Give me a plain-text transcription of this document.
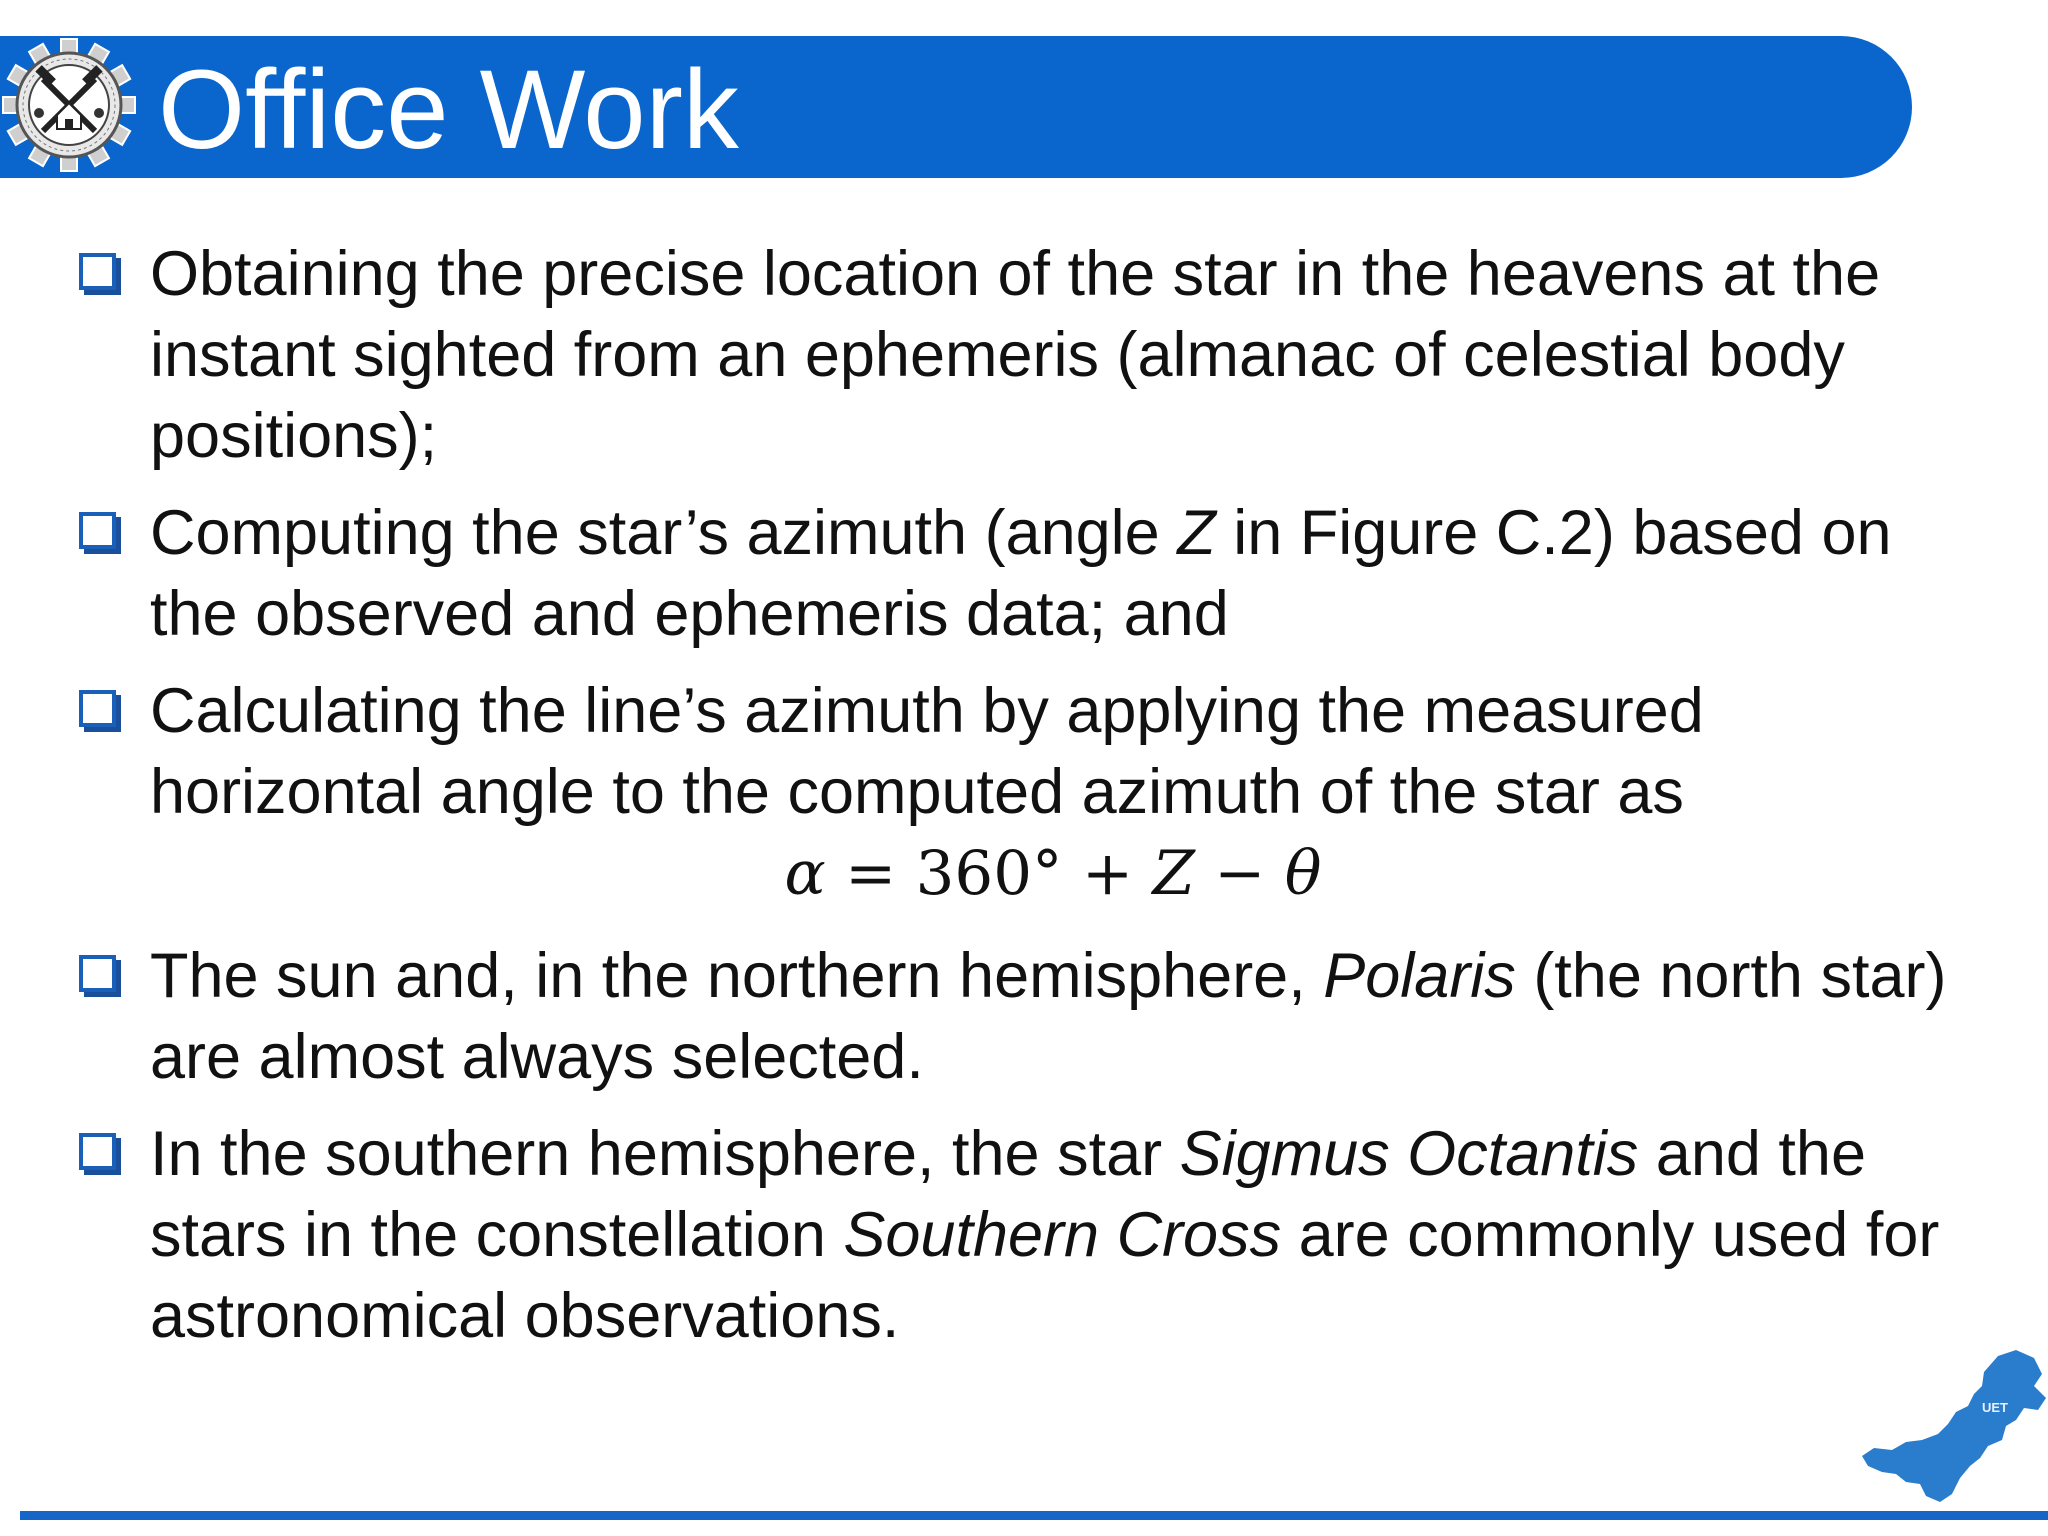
Office Work

Obtaining the precise location of the star in the heavens at the instant sighted from an ephemeris (almanac of celestial body positions);

Computing the star’s azimuth (angle Z in Figure C.2) based on the observed and ephemeris data; and

Calculating the line’s azimuth by applying the measured horizontal angle to the computed azimuth of the star as
α = 360° + Z − θ

The sun and, in the northern hemisphere, Polaris (the north star) are almost always selected.

In the southern hemisphere, the star Sigmus Octantis and the stars in the constellation Southern Cross are commonly used for astronomical observations.

UET
